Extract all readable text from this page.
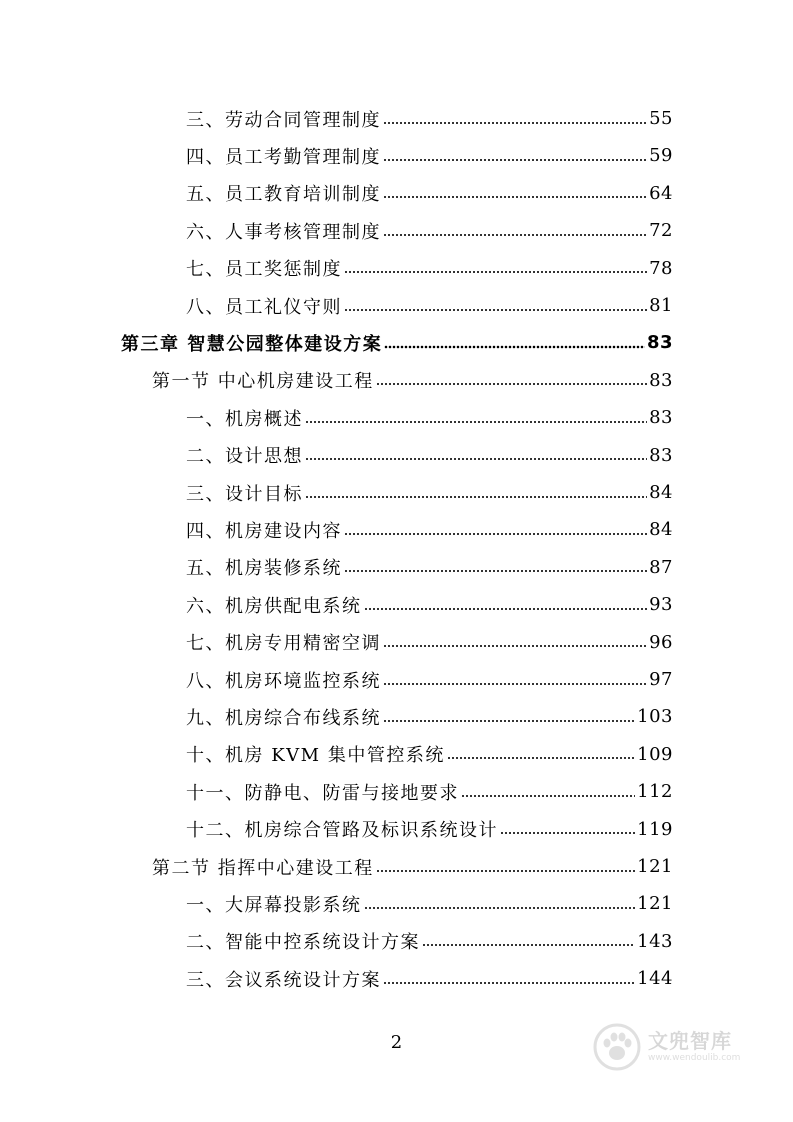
三、劳动合同管理制度	55
四、员工考勤管理制度	59
五、员工教育培训制度	64
六、人事考核管理制度	72
七、员工奖惩制度	78
八、员工礼仪守则	81
第三章 智慧公园整体建设方案	83
第一节 中心机房建设工程	83
一、机房概述	83
二、设计思想	83
三、设计目标	84
四、机房建设内容	84
五、机房装修系统	87
六、机房供配电系统	93
七、机房专用精密空调	96
八、机房环境监控系统	97
九、机房综合布线系统	103
十、机房 KVM 集中管控系统	109
十一、防静电、防雷与接地要求	112
十二、机房综合管路及标识系统设计	119
第二节 指挥中心建设工程	121
一、大屏幕投影系统	121
二、智能中控系统设计方案	143
三、会议系统设计方案	144
2	文兜智库
www.wendoulib.com
